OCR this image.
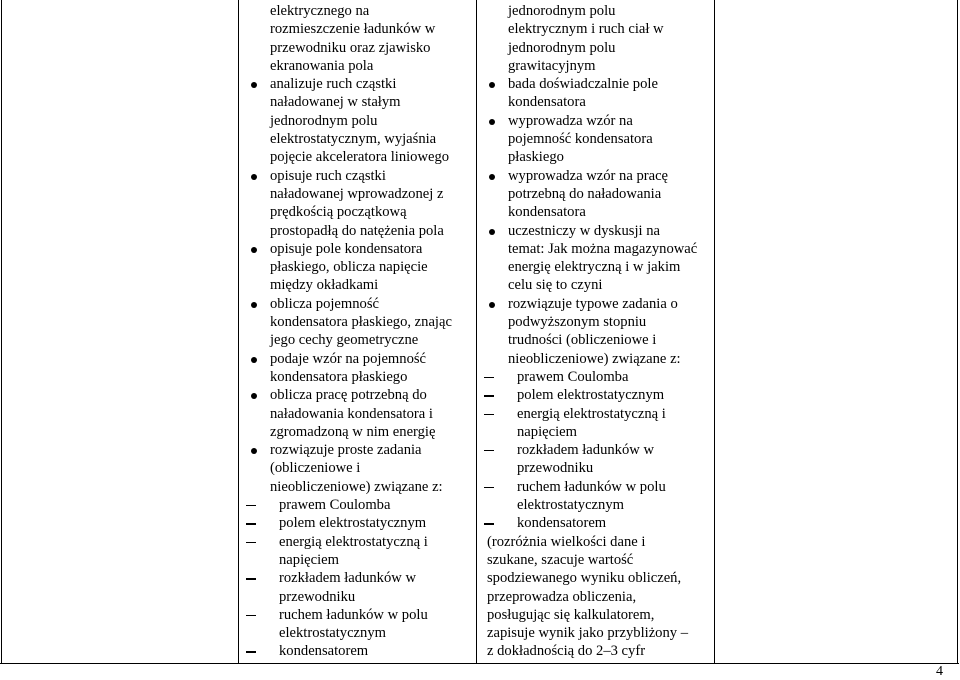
elektrycznego na
rozmieszczenie ładunków w
przewodniku oraz zjawisko
ekranowania pola
analizuje ruch cząstki
naładowanej w stałym
jednorodnym polu
elektrostatycznym, wyjaśnia
pojęcie akceleratora liniowego
opisuje ruch cząstki
naładowanej wprowadzonej z
prędkością początkową
prostopadłą do natężenia pola
opisuje pole kondensatora
płaskiego, oblicza napięcie
między okładkami
oblicza pojemność
kondensatora płaskiego, znając
jego cechy geometryczne
podaje wzór na pojemność
kondensatora płaskiego
oblicza pracę potrzebną do
naładowania kondensatora i
zgromadzoną w nim energię
rozwiązuje proste zadania
(obliczeniowe i
nieobliczeniowe) związane z:
prawem Coulomba
polem elektrostatycznym
energią elektrostatyczną i
napięciem
rozkładem ładunków w
przewodniku
ruchem ładunków w polu
elektrostatycznym
kondensatorem
jednorodnym polu
elektrycznym i ruch ciał w
jednorodnym polu
grawitacyjnym
bada doświadczalnie pole
kondensatora
wyprowadza wzór na
pojemność kondensatora
płaskiego
wyprowadza wzór na pracę
potrzebną do naładowania
kondensatora
uczestniczy w dyskusji na
temat: Jak można magazynować
energię elektryczną i w jakim
celu się to czyni
rozwiązuje typowe zadania o
podwyższonym stopniu
trudności (obliczeniowe i
nieobliczeniowe) związane z:
prawem Coulomba
polem elektrostatycznym
energią elektrostatyczną i
napięciem
rozkładem ładunków w
przewodniku
ruchem ładunków w polu
elektrostatycznym
kondensatorem
(rozróżnia wielkości dane i
szukane, szacuje wartość
spodziewanego wyniku obliczeń,
przeprowadza obliczenia,
posługując się kalkulatorem,
zapisuje wynik jako przybliżony –
z dokładnością do 2–3 cyfr
4
